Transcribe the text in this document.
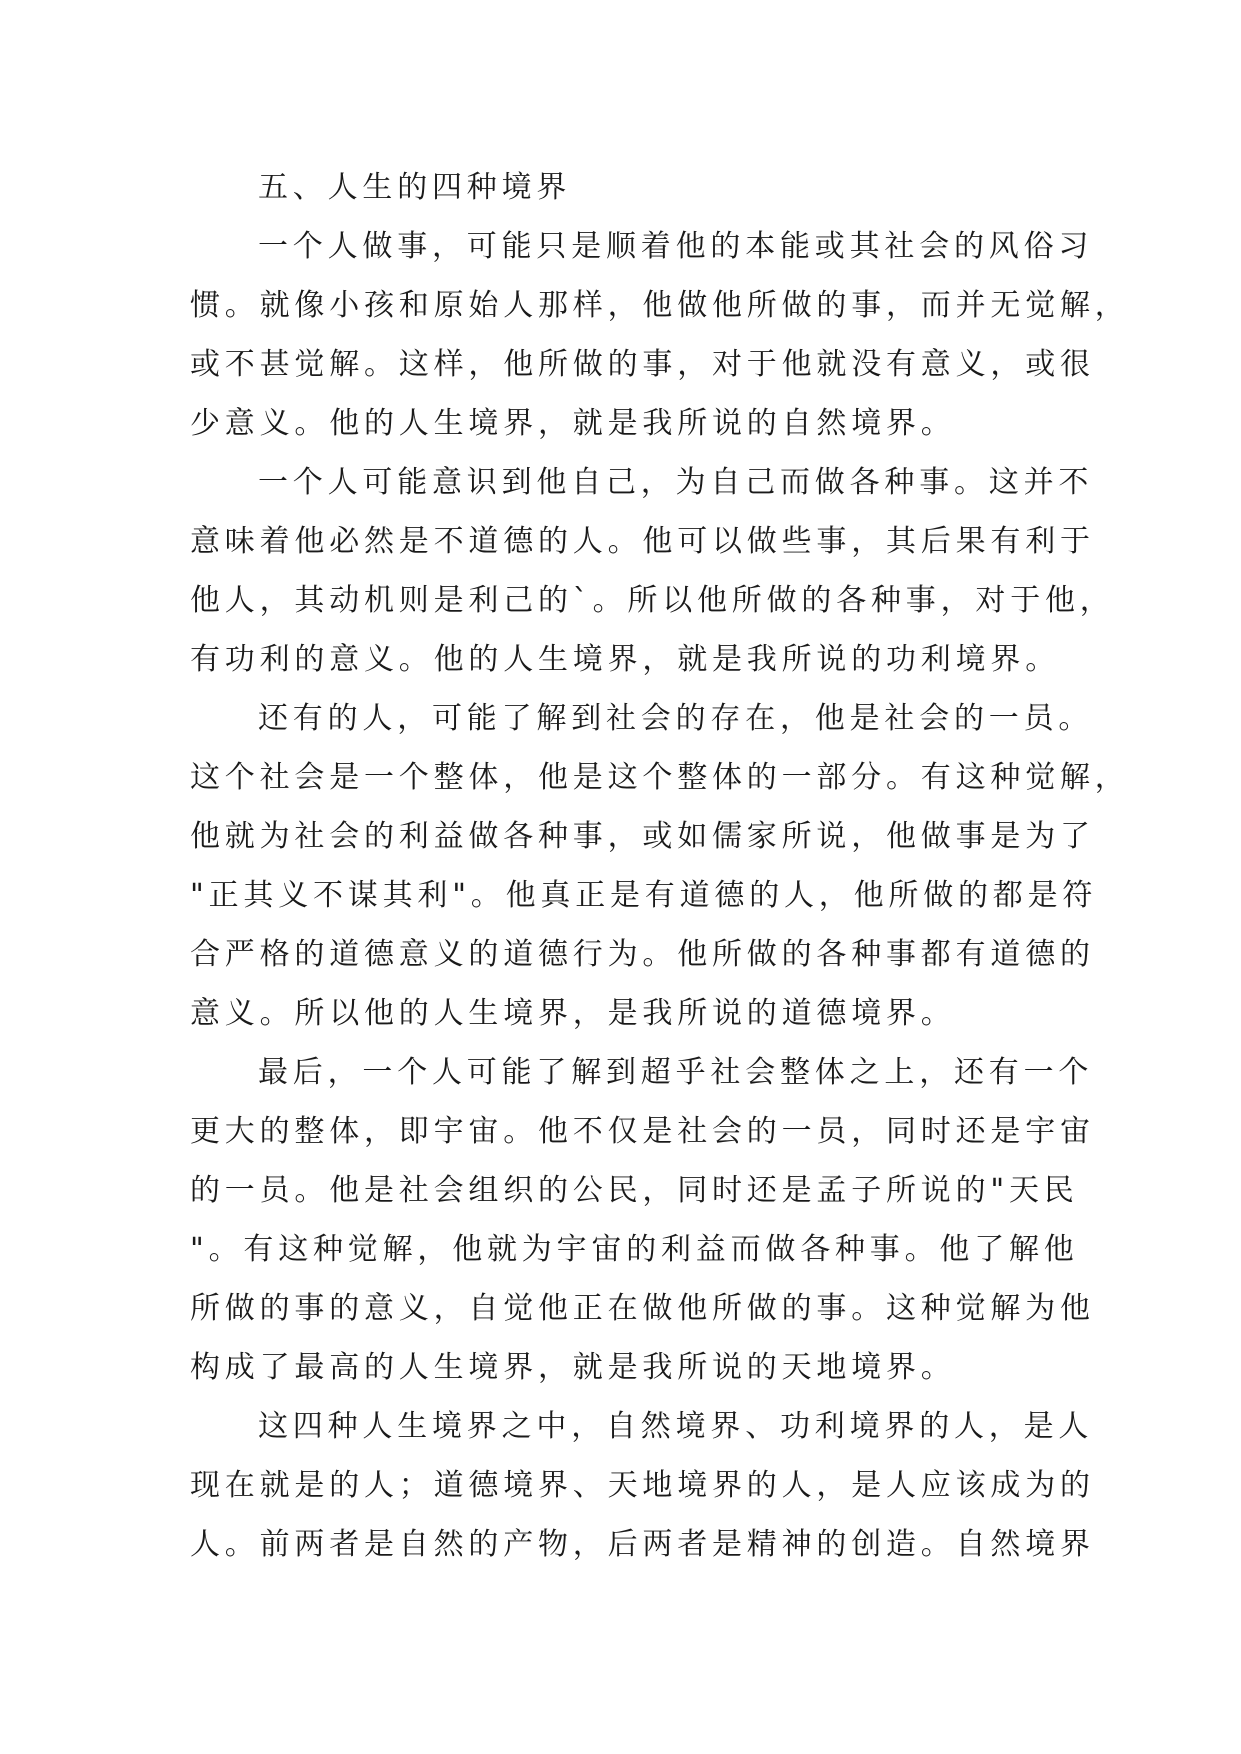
五、人生的四种境界
一个人做事，可能只是顺着他的本能或其社会的风俗习
惯。就像小孩和原始人那样，他做他所做的事，而并无觉解，
或不甚觉解。这样，他所做的事，对于他就没有意义，或很
少意义。他的人生境界，就是我所说的自然境界。
一个人可能意识到他自己，为自己而做各种事。这并不
意味着他必然是不道德的人。他可以做些事，其后果有利于
他人，其动机则是利己的`。所以他所做的各种事，对于他，
有功利的意义。他的人生境界，就是我所说的功利境界。
还有的人，可能了解到社会的存在，他是社会的一员。
这个社会是一个整体，他是这个整体的一部分。有这种觉解，
他就为社会的利益做各种事，或如儒家所说，他做事是为了
"正其义不谋其利"。他真正是有道德的人，他所做的都是符
合严格的道德意义的道德行为。他所做的各种事都有道德的
意义。所以他的人生境界，是我所说的道德境界。
最后，一个人可能了解到超乎社会整体之上，还有一个
更大的整体，即宇宙。他不仅是社会的一员，同时还是宇宙
的一员。他是社会组织的公民，同时还是孟子所说的"天民
"。有这种觉解，他就为宇宙的利益而做各种事。他了解他
所做的事的意义，自觉他正在做他所做的事。这种觉解为他
构成了最高的人生境界，就是我所说的天地境界。
这四种人生境界之中，自然境界、功利境界的人，是人
现在就是的人；道德境界、天地境界的人，是人应该成为的
人。前两者是自然的产物，后两者是精神的创造。自然境界
